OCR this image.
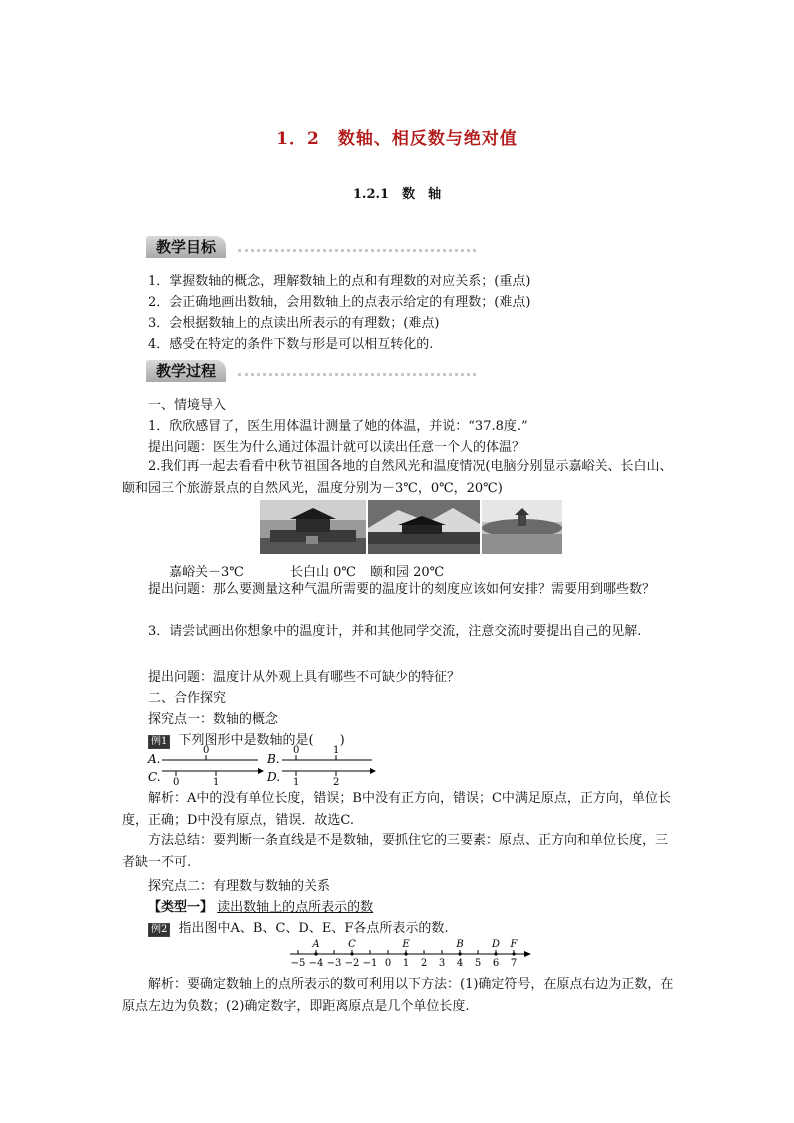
1．2　数轴、相反数与绝对值
1.2.1　数　轴
教学目标
1．掌握数轴的概念，理解数轴上的点和有理数的对应关系；(重点)
2．会正确地画出数轴，会用数轴上的点表示给定的有理数；(难点)
3．会根据数轴上的点读出所表示的有理数；(难点)
4．感受在特定的条件下数与形是可以相互转化的.
教学过程
一、情境导入
1．欣欣感冒了，医生用体温计测量了她的体温，并说：“37.8度.”
提出问题：医生为什么通过体温计就可以读出任意一个人的体温？
2.我们再一起去看看中秋节祖国各地的自然风光和温度情况(电脑分别显示嘉峪关、长白山、颐和园三个旅游景点的自然风光，温度分别为－3℃，0℃，20℃)
嘉峪关－3℃	长白山 0℃ 颐和园 20℃
提出问题：那么要测量这种气温所需要的温度计的刻度应该如何安排？需要用到哪些数？
3．请尝试画出你想象中的温度计，并和其他同学交流，注意交流时要提出自己的见解.
提出问题：温度计从外观上具有哪些不可缺少的特征？
二、合作探究
探究点一：数轴的概念
例1 下列图形中是数轴的是(　　)
A.
0
B.
0	1
C. 0	1	D. 1	2
解析：A中的没有单位长度，错误；B中没有正方向，错误；C中满足原点，正方向，单位长度，正确；D中没有原点，错误．故选C.
方法总结：要判断一条直线是不是数轴，要抓住它的三要素：原点、正方向和单位长度，三者缺一不可.
探究点二：有理数与数轴的关系
【类型一】 读出数轴上的点所表示的数
例2 指出图中A、B、C、D、E、F各点所表示的数.
−5 −4 −3 −2 −1 0 1 2 3 4 5 6 7
A	C	E	B	D F
解析：要确定数轴上的点所表示的数可利用以下方法：(1)确定符号，在原点右边为正数，在原点左边为负数；(2)确定数字，即距离原点是几个单位长度.
